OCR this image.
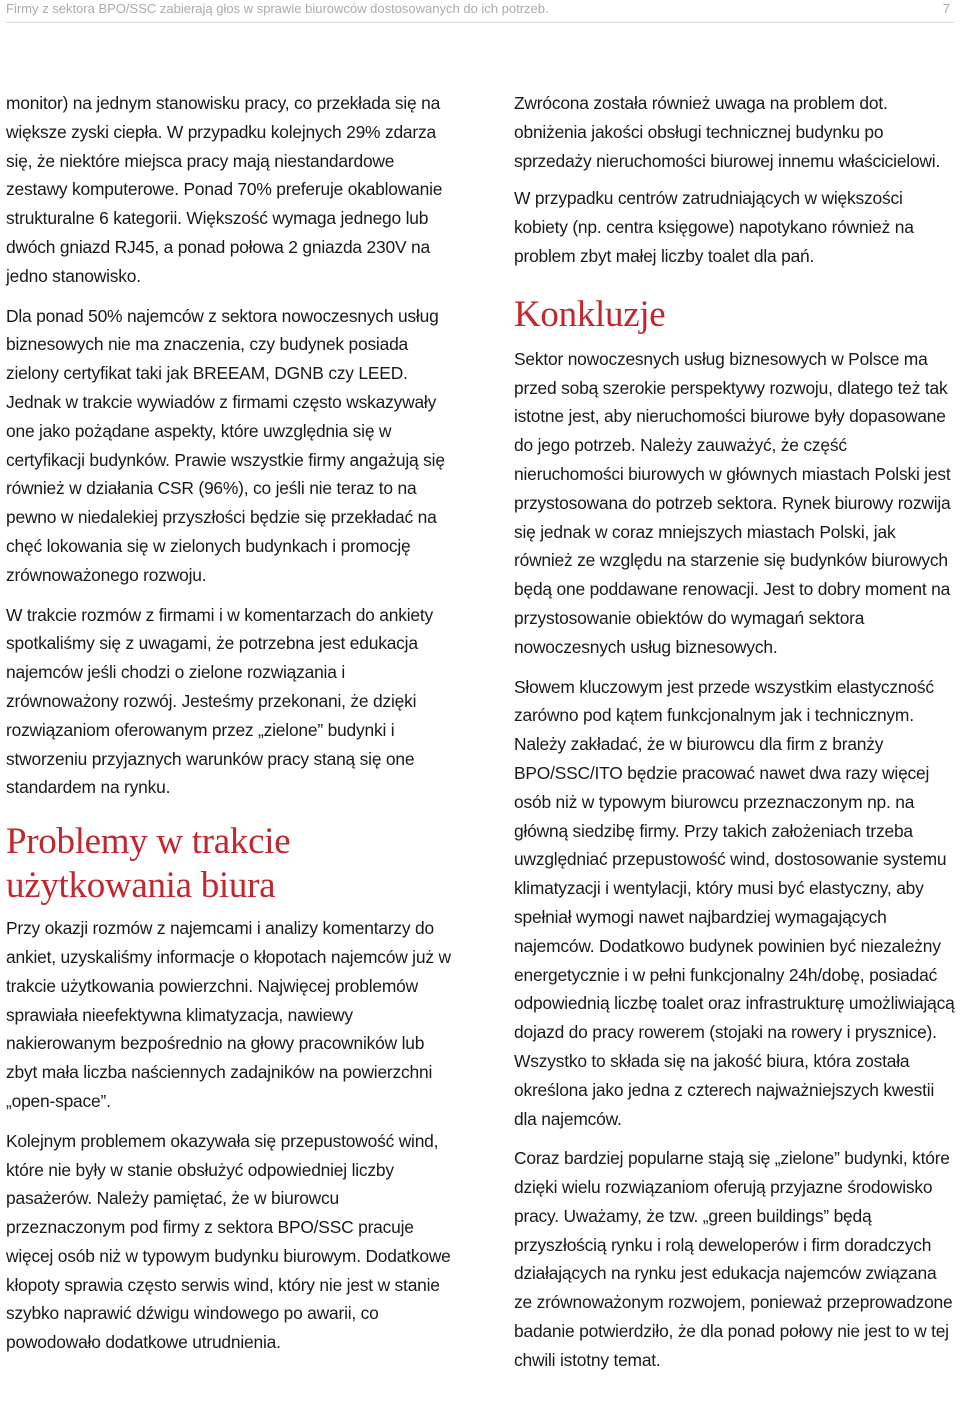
Firmy z sektora BPO/SSC zabierają głos w sprawie biurowców dostosowanych do ich potrzeb.	7

monitor) na jednym stanowisku pracy, co przekłada się na większe zyski ciepła. W przypadku kolejnych 29% zdarza się, że niektóre miejsca pracy mają niestandardowe zestawy komputerowe. Ponad 70% preferuje okablowanie strukturalne 6 kategorii. Większość wymaga jednego lub dwóch gniazd RJ45, a ponad połowa 2 gniazda 230V na jedno stanowisko.

Dla ponad 50% najemców z sektora nowoczesnych usług biznesowych nie ma znaczenia, czy budynek posiada zielony certyfikat taki jak BREEAM, DGNB czy LEED. Jednak w trakcie wywiadów z firmami często wskazywały one jako pożądane aspekty, które uwzględnia się w certyfikacji budynków. Prawie wszystkie firmy angażują się również w działania CSR (96%), co jeśli nie teraz to na pewno w niedalekiej przyszłości będzie się przekładać na chęć lokowania się w zielonych budynkach i promocję zrównoważonego rozwoju.

W trakcie rozmów z firmami i w komentarzach do ankiety spotkaliśmy się z uwagami, że potrzebna jest edukacja najemców jeśli chodzi o zielone rozwiązania i zrównoważony rozwój. Jesteśmy przekonani, że dzięki rozwiązaniom oferowanym przez „zielone” budynki i stworzeniu przyjaznych warunków pracy staną się one standardem na rynku.

Problemy w trakcie użytkowania biura

Przy okazji rozmów z najemcami i analizy komentarzy do ankiet, uzyskaliśmy informacje o kłopotach najemców już w trakcie użytkowania powierzchni. Najwięcej problemów sprawiała nieefektywna klimatyzacja, nawiewy nakierowanym bezpośrednio na głowy pracowników lub zbyt mała liczba naściennych zadajników na powierzchni „open-space”.

Kolejnym problemem okazywała się przepustowość wind, które nie były w stanie obsłużyć odpowiedniej liczby pasażerów. Należy pamiętać, że w biurowcu przeznaczonym pod firmy z sektora BPO/SSC pracuje więcej osób niż w typowym budynku biurowym. Dodatkowe kłopoty sprawia często serwis wind, który nie jest w stanie szybko naprawić dźwigu windowego po awarii, co powodowało dodatkowe utrudnienia.

Zwrócona została również uwaga na problem dot. obniżenia jakości obsługi technicznej budynku po sprzedaży nieruchomości biurowej innemu właścicielowi.

W przypadku centrów zatrudniających w większości kobiety (np. centra księgowe) napotykano również na problem zbyt małej liczby toalet dla pań.

Konkluzje

Sektor nowoczesnych usług biznesowych w Polsce ma przed sobą szerokie perspektywy rozwoju, dlatego też tak istotne jest, aby nieruchomości biurowe były dopasowane do jego potrzeb. Należy zauważyć, że część nieruchomości biurowych w głównych miastach Polski jest przystosowana do potrzeb sektora. Rynek biurowy rozwija się jednak w coraz mniejszych miastach Polski, jak również ze względu na starzenie się budynków biurowych będą one poddawane renowacji. Jest to dobry moment na przystosowanie obiektów do wymagań sektora nowoczesnych usług biznesowych.

Słowem kluczowym jest przede wszystkim elastyczność zarówno pod kątem funkcjonalnym jak i technicznym. Należy zakładać, że w biurowcu dla firm z branży BPO/SSC/ITO będzie pracować nawet dwa razy więcej osób niż w typowym biurowcu przeznaczonym np. na główną siedzibę firmy. Przy takich założeniach trzeba uwzględniać przepustowość wind, dostosowanie systemu klimatyzacji i wentylacji, który musi być elastyczny, aby spełniał wymogi nawet najbardziej wymagających najemców. Dodatkowo budynek powinien być niezależny energetycznie i w pełni funkcjonalny 24h/dobę, posiadać odpowiednią liczbę toalet oraz infrastrukturę umożliwiającą dojazd do pracy rowerem (stojaki na rowery i prysznice). Wszystko to składa się na jakość biura, która została określona jako jedna z czterech najważniejszych kwestii dla najemców.

Coraz bardziej popularne stają się „zielone” budynki, które dzięki wielu rozwiązaniom oferują przyjazne środowisko pracy. Uważamy, że tzw. „green buildings” będą przyszłością rynku i rolą deweloperów i firm doradczych działających na rynku jest edukacja najemców związana ze zrównoważonym rozwojem, ponieważ przeprowadzone badanie potwierdziło, że dla ponad połowy nie jest to w tej chwili istotny temat.
